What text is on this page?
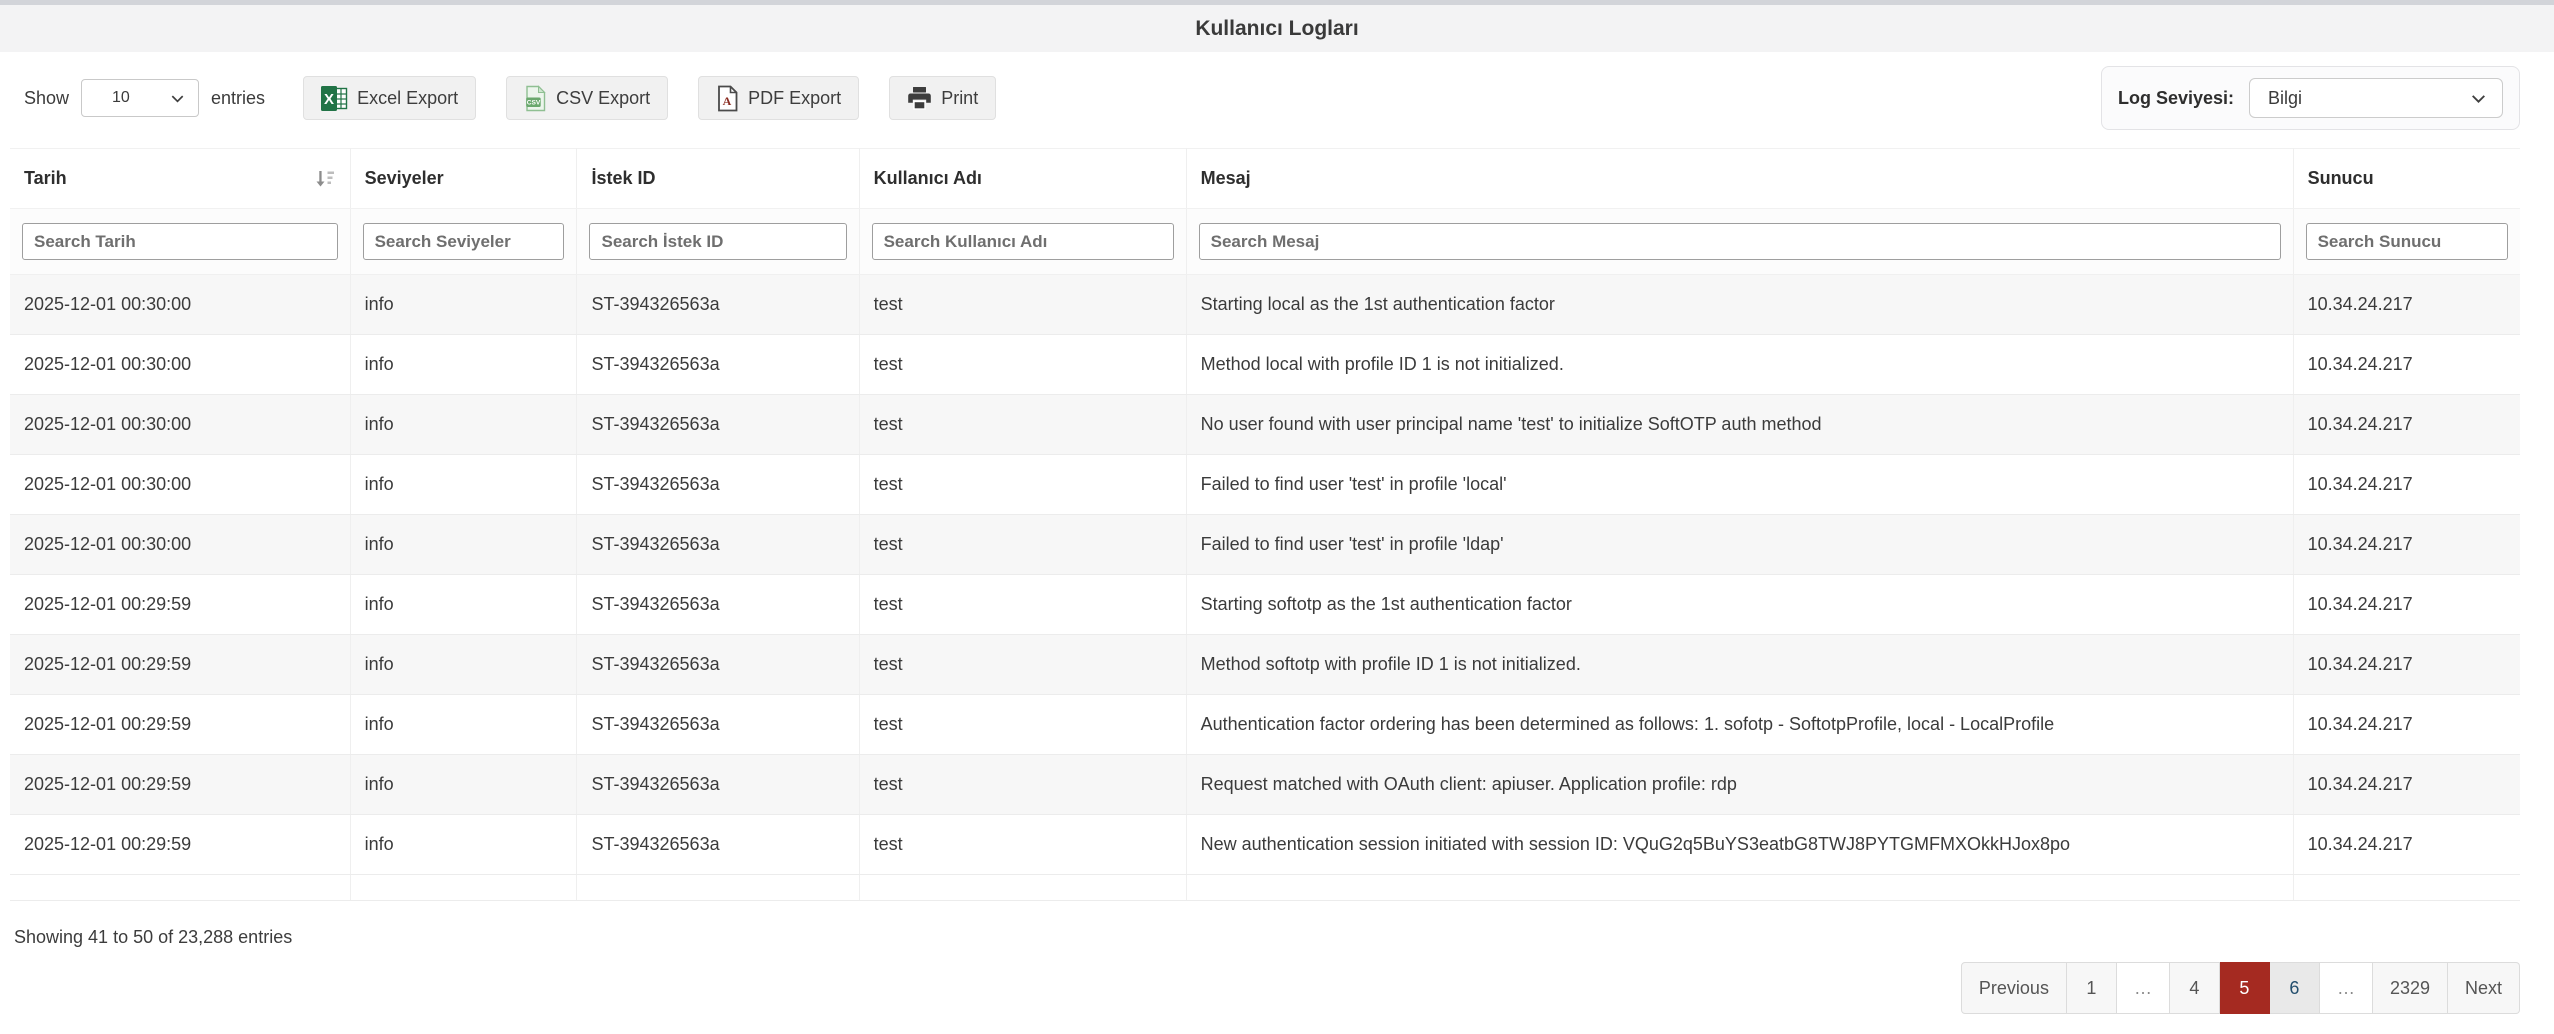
Kullanıcı Logları
Show	10	entries	X Excel Export	CSV CSV Export	A PDF Export	Print	Log Seviyesi: Bilgi
Tarih	Seviyeler	İstek ID	Kullanıcı Adı	Mesaj	Sunucu

Search Tarih	Search Seviyeler	Search İstek ID	Search Kullanıcı Adı	Search Mesaj	Search Sunucu
2025-12-01 00:30:00	info	ST-394326563a	test	Starting local as the 1st authentication factor	10.34.24.217
2025-12-01 00:30:00	info	ST-394326563a	test	Method local with profile ID 1 is not initialized.	10.34.24.217
2025-12-01 00:30:00	info	ST-394326563a	test	No user found with user principal name 'test' to initialize SoftOTP auth method	10.34.24.217
2025-12-01 00:30:00	info	ST-394326563a	test	Failed to find user 'test' in profile 'local'	10.34.24.217
2025-12-01 00:30:00	info	ST-394326563a	test	Failed to find user 'test' in profile 'ldap'	10.34.24.217
2025-12-01 00:29:59	info	ST-394326563a	test	Starting softotp as the 1st authentication factor	10.34.24.217
2025-12-01 00:29:59	info	ST-394326563a	test	Method softotp with profile ID 1 is not initialized.	10.34.24.217
2025-12-01 00:29:59	info	ST-394326563a	test	Authentication factor ordering has been determined as follows: 1. sofotp - SoftotpProfile, local - LocalProfile	10.34.24.217
2025-12-01 00:29:59	info	ST-394326563a	test	Request matched with OAuth client: apiuser. Application profile: rdp	10.34.24.217
2025-12-01 00:29:59	info	ST-394326563a	test	New authentication session initiated with session ID: VQuG2q5BuYS3eatbG8TWJ8PYTGMFMXOkkHJox8po	10.34.24.217

Showing 41 to 50 of 23,288 entries
Previous	1	…	4	5	6	…	2329	Next
